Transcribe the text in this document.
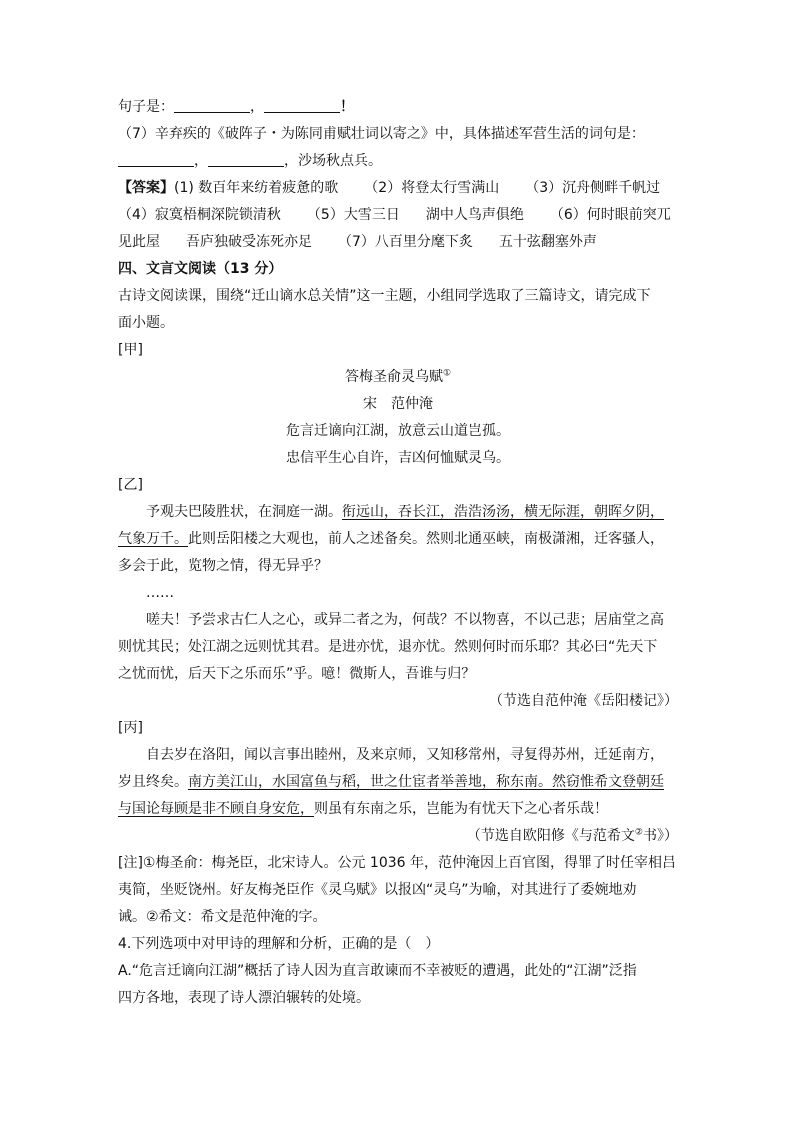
句子是：	，	！
（7）辛弃疾的《破阵子・为陈同甫赋壮词以寄之》中，具体描述军营生活的词句是：
，	，沙场秋点兵。
【答案】(1) 数百年来纺着疲惫的歌 （2）将登太行雪满山 （3）沉舟侧畔千帆过
（4）寂寞梧桐深院锁清秋 （5）大雪三日 湖中人鸟声俱绝 （6）何时眼前突兀
见此屋 吾庐独破受冻死亦足 （7）八百里分麾下炙 五十弦翻塞外声
四、文言文阅读（13 分）
古诗文阅读课，围绕“迁山谪水总关情”这一主题，小组同学选取了三篇诗文，请完成下
面小题。
[甲]
答梅圣俞灵乌赋①
宋　范仲淹
危言迁谪向江湖，放意云山道岂孤。
忠信平生心自许，吉凶何恤赋灵乌。
[乙]
予观夫巴陵胜状，在洞庭一湖。衔远山，吞长江，浩浩汤汤，横无际涯，朝晖夕阴，
气象万千。此则岳阳楼之大观也，前人之述备矣。然则北通巫峡，南极潇湘，迁客骚人，
多会于此，览物之情，得无异乎？
……
嗟夫！予尝求古仁人之心，或异二者之为，何哉？不以物喜，不以己悲；居庙堂之高
则忧其民；处江湖之远则忧其君。是进亦忧，退亦忧。然则何时而乐耶？其必曰“先天下
之忧而忧，后天下之乐而乐”乎。噫！微斯人，吾谁与归？
（节选自范仲淹《岳阳楼记》）
[丙]
自去岁在洛阳，闻以言事出睦州，及来京师，又知移常州，寻复得苏州，迁延南方，
岁且终矣。南方美江山，水国富鱼与稻，世之仕宦者举善地，称东南。然窃惟希文登朝廷
与国论每顾是非不顾自身安危，则虽有东南之乐，岂能为有忧天下之心者乐哉！
（节选自欧阳修《与范希文②书》）
[注]①梅圣俞：梅尧臣，北宋诗人。公元 1036 年，范仲淹因上百官图，得罪了时任宰相吕
夷简，坐贬饶州。好友梅尧臣作《灵乌赋》以报凶“灵乌”为喻，对其进行了委婉地劝
诫。②希文：希文是范仲淹的字。
4.下列选项中对甲诗的理解和分析，正确的是（　）
A.“危言迁谪向江湖”概括了诗人因为直言敢谏而不幸被贬的遭遇，此处的“江湖”泛指
四方各地，表现了诗人漂泊辗转的处境。
